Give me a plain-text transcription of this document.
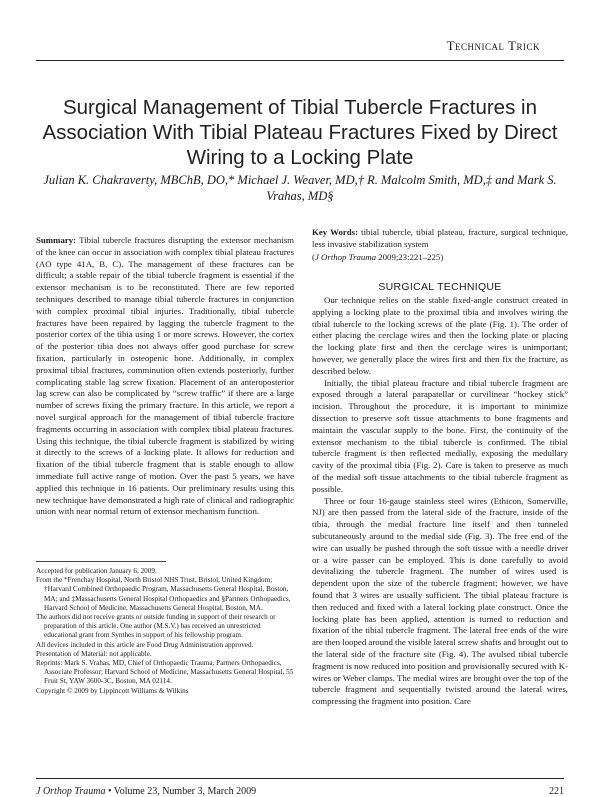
Technical Trick
Surgical Management of Tibial Tubercle Fractures in Association With Tibial Plateau Fractures Fixed by Direct Wiring to a Locking Plate
Julian K. Chakraverty, MBChB, DO,* Michael J. Weaver, MD,† R. Malcolm Smith, MD,‡ and Mark S. Vrahas, MD§
Summary: Tibial tubercle fractures disrupting the extensor mechanism of the knee can occur in association with complex tibial plateau fractures (AO type 41A, B, C). The management of these fractures can be difficult; a stable repair of the tibial tubercle fragment is essential if the extensor mechanism is to be reconstituted. There are few reported techniques described to manage tibial tubercle fractures in conjunction with complex proximal tibial injuries. Traditionally, tibial tubercle fractures have been repaired by lagging the tubercle fragment to the posterior cortex of the tibia using 1 or more screws. However, the cortex of the posterior tibia does not always offer good purchase for screw fixation, particularly in osteopenic bone. Additionally, in complex proximal tibial fractures, comminution often extends posteriorly, further complicating stable lag screw fixation. Placement of an anteroposterior lag screw can also be complicated by “screw traffic” if there are a large number of screws fixing the primary fracture. In this article, we report a novel surgical approach for the management of tibial tubercle fracture fragments occurring in association with complex tibial plateau fractures. Using this technique, the tibial tubercle fragment is stabilized by wiring it directly to the screws of a locking plate. It allows for reduction and fixation of the tibial tubercle fragment that is stable enough to allow immediate full active range of motion. Over the past 5 years, we have applied this technique in 16 patients. Our preliminary results using this new technique have demonstrated a high rate of clinical and radiographic union with near normal return of extensor mechanism function.
Key Words: tibial tubercle, tibial plateau, fracture, surgical technique, less invasive stabilization system
(J Orthop Trauma 2009;23:221–225)
SURGICAL TECHNIQUE

Our technique relies on the stable fixed-angle construct created in applying a locking plate to the proximal tibia and involves wiring the tibial tubercle to the locking screws of the plate (Fig. 1). The order of either placing the cerclage wires and then the locking plate or placing the locking plate first and then the cerclage wires is unimportant; however, we generally place the wires first and then fix the fracture, as described below.

Initially, the tibial plateau fracture and tibial tubercle fragment are exposed through a lateral parapatellar or curvilinear “hockey stick” incision. Throughout the procedure, it is important to minimize dissection to preserve soft tissue attachments to bone fragments and maintain the vascular supply to the bone. First, the continuity of the extensor mechanism to the tibial tubercle is confirmed. The tibial tubercle fragment is then reflected medially, exposing the medullary cavity of the proximal tibia (Fig. 2). Care is taken to preserve as much of the medial soft tissue attachments to the tibial tubercle fragment as possible.

Three or four 16-gauge stainless steel wires (Ethicon, Somerville, NJ) are then passed from the lateral side of the fracture, inside of the tibia, through the medial fracture line itself and then tunneled subcutaneously around to the medial side (Fig. 3). The free end of the wire can usually be pushed through the soft tissue with a needle driver or a wire passer can be employed. This is done carefully to avoid devitalizing the tubercle fragment. The number of wires used is dependent upon the size of the tubercle fragment; however, we have found that 3 wires are usually sufficient. The tibial plateau fracture is then reduced and fixed with a lateral locking plate construct. Once the locking plate has been applied, attention is turned to reduction and fixation of the tibial tubercle fragment. The lateral free ends of the wire are then looped around the visible lateral screw shafts and brought out to the lateral side of the fracture site (Fig. 4). The avulsed tibial tubercle fragment is now reduced into position and provisionally secured with K-wires or Weber clamps. The medial wires are brought over the top of the tubercle fragment and sequentially twisted around the lateral wires, compressing the fragment into position. Care

Accepted for publication January 6, 2009.
From the *Frenchay Hospital, North Bristol NHS Trust, Bristol, United Kingdom; †Harvard Combined Orthopaedic Program, Massachusetts General Hospital, Boston, MA; and ‡Massachusetts General Hospital Orthopaedics and §Partners Orthopaedics, Harvard School of Medicine, Massachusetts General Hospital, Boston, MA.
The authors did not receive grants or outside funding in support of their research or preparation of this article. One author (M.S.V.) has received an unrestricted educational grant from Synthes in support of his fellowship program.
All devices included in this article are Food Drug Administration approved.
Presentation of Material: not applicable.
Reprints: Mark S. Vrahas, MD, Chief of Orthopaedic Trauma, Partners Orthopaedics, Associate Professor; Harvard School of Medicine, Massachusetts General Hospital, 55 Fruit St, YAW 3600-3C, Boston, MA 02114.
Copyright © 2009 by Lippincott Williams & Wilkins
J Orthop Trauma • Volume 23, Number 3, March 2009	221
